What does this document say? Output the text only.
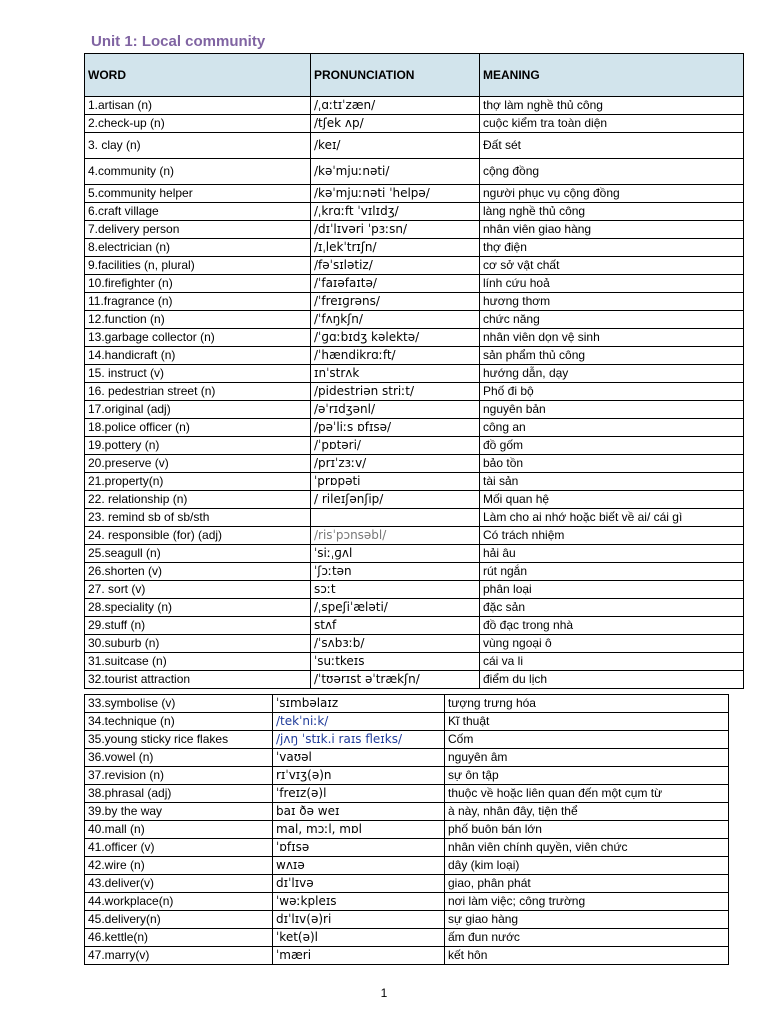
Unit 1: Local community
WORD	PRONUNCIATION	MEANING
1.artisan (n)	/ˌɑːtɪˈzæn/	thợ làm nghề thủ công
2.check-up (n)	/tʃek ʌp/	cuộc kiểm tra toàn diện
3. clay (n)	/keɪ/	Đất sét
4.community (n)	/kəˈmjuːnəti/	cộng đồng
5.community helper	/kəˈmjuːnəti ˈhelpə/	người phục vụ cộng đồng
6.craft village	/ˌkrɑːft ˈvɪlɪdʒ/	làng nghề thủ công
7.delivery person	/dɪˈlɪvəri ˈpɜːsn/	nhân viên giao hàng
8.electrician (n)	/ɪˌlekˈtrɪʃn/	thợ điện
9.facilities (n, plural)	/fəˈsɪlətiz/	cơ sở vật chất
10.firefighter (n)	/ˈfaɪəfaɪtə/	lính cứu hoả
11.fragrance (n)	/ˈfreɪɡrəns/	hương thơm
12.function (n)	/ˈfʌŋkʃn/	chức năng
13.garbage collector (n)	/ˈɡɑːbɪdʒ kəlektə/	nhân viên dọn vệ sinh
14.handicraft (n)	/ˈhændikrɑːft/	sản phẩm thủ công
15. instruct (v)	ɪnˈstrʌk	hướng dẫn, dạy
16. pedestrian street (n)	/pidestriən striːt/	Phố đi bộ
17.original (adj)	/əˈrɪdʒənl/	nguyên bản
18.police officer (n)	/pəˈliːs ɒfɪsə/	công an
19.pottery (n)	/ˈpɒtəri/	đồ gốm
20.preserve (v)	/prɪˈzɜːv/	bảo tồn
21.property(n)	ˈprɒpəti	tài sản
22. relationship (n)	/ rileɪʃənʃip/	Mối quan hệ
23. remind sb of sb/sth		Làm cho ai nhớ hoặc biết về ai/ cái gì
24. responsible (for) (adj)	/risˈpɔnsəbl/	Có trách nhiệm
25.seagull (n)	ˈsiːˌɡʌl	hải âu
26.shorten (v)	ˈʃɔːtən	rút ngắn
27. sort (v)	sɔːt	phân loại
28.speciality (n)	/ˌspeʃiˈæləti/	đặc sản
29.stuff (n)	stʌf	đồ đạc trong nhà
30.suburb (n)	/ˈsʌbɜːb/	vùng ngoại ô
31.suitcase (n)	ˈsuːtkeɪs	cái va li
32.tourist attraction	/ˈtʊərɪst əˈtrækʃn/	điểm du lịch
33.symbolise (v)	ˈsɪmbəlaɪz	tượng trưng hóa
34.technique (n)	/tekˈniːk/	Kĩ thuật
35.young sticky rice flakes	/jʌŋ ˈstɪk.i raɪs fleɪks/	Cốm
36.vowel (n)	ˈvaʊəl	nguyên âm
37.revision (n)	rɪˈvɪʒ(ə)n	sự ôn tập
38.phrasal (adj)	ˈfreɪz(ə)l	thuộc về hoặc liên quan đến một cụm từ
39.by the way	baɪ ðə weɪ	à này, nhân đây, tiện thể
40.mall (n)	mal, mɔːl, mɒl	phố buôn bán lớn
41.officer (v)	ˈɒfɪsə	nhân viên chính quyền, viên chức
42.wire (n)	wʌɪə	dây (kim loại)
43.deliver(v)	dɪˈlɪvə	giao, phân phát
44.workplace(n)	ˈwəːkpleɪs	nơi làm việc; công trường
45.delivery(n)	dɪˈlɪv(ə)ri	sự giao hàng
46.kettle(n)	ˈket(ə)l	ấm đun nước
47.marry(v)	ˈmæri	kết hôn
1
